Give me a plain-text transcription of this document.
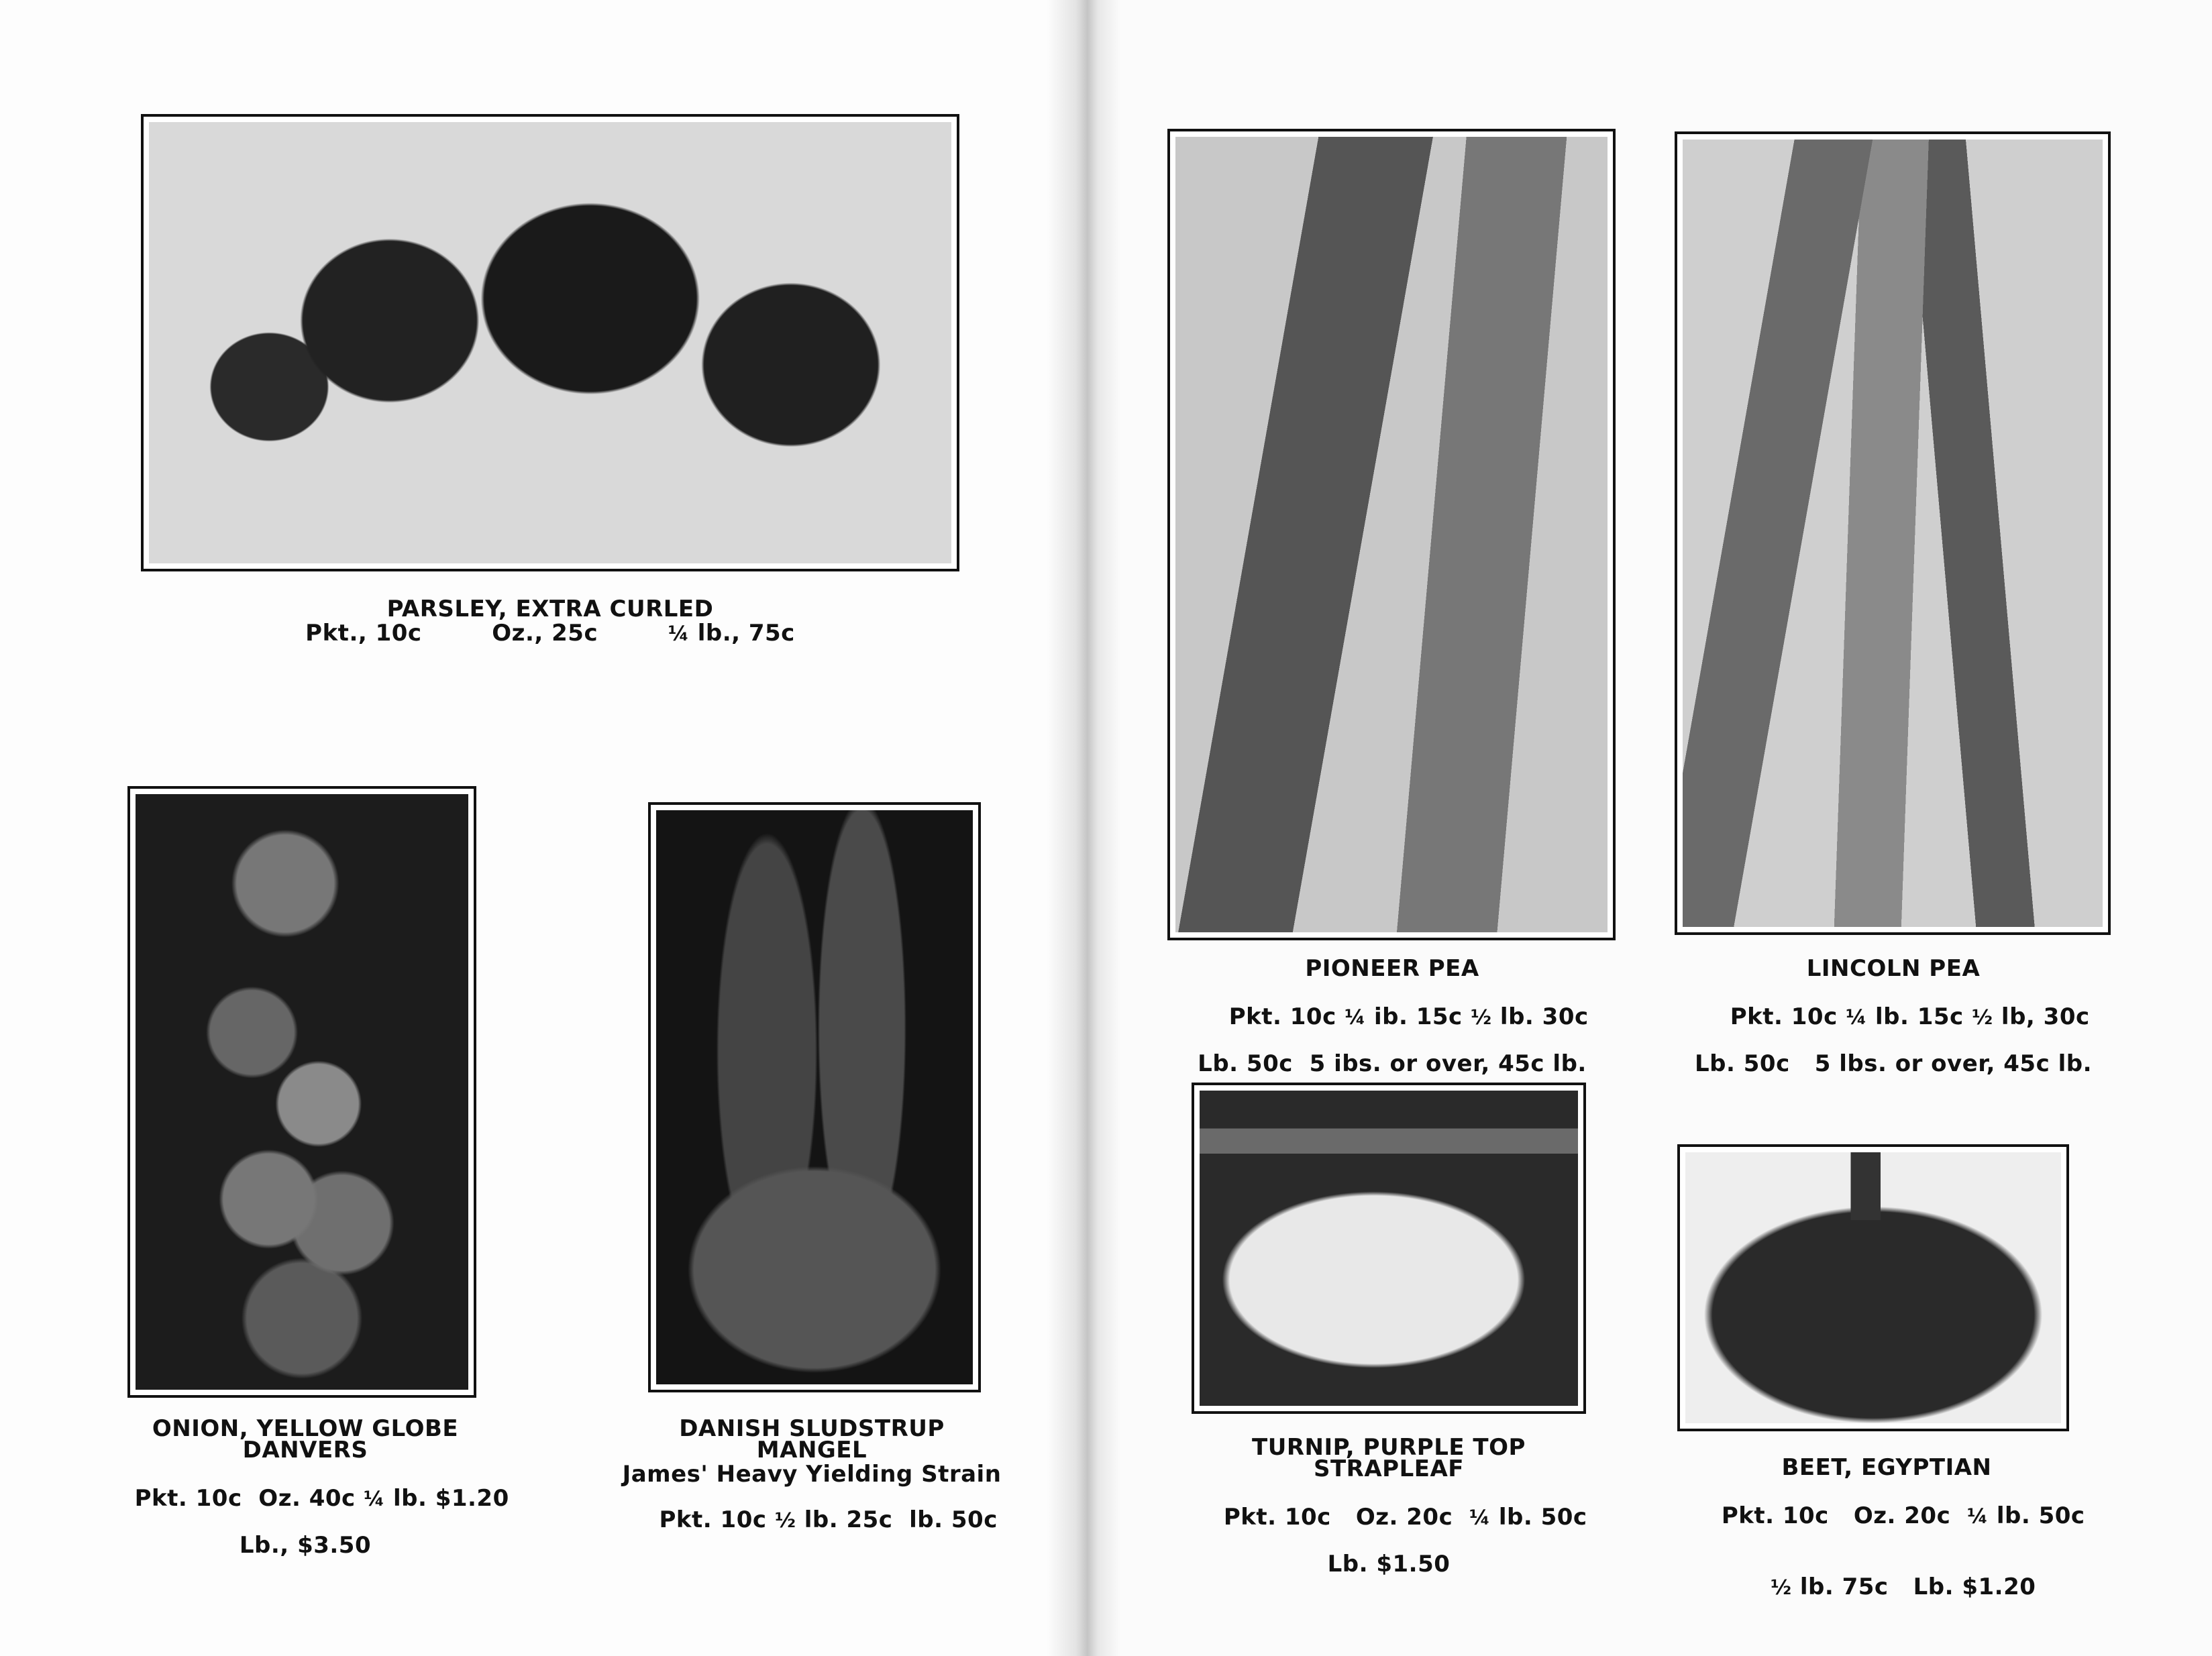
PARSLEY, EXTRA CURLED
Pkt., 10c	Oz., 25c	¼ lb., 75c
ONION, YELLOW GLOBE
DANVERS

Pkt. 10c  Oz. 40c ¼ lb. $1.20

Lb., $3.50
DANISH SLUDSTRUP
MANGEL
James' Heavy Yielding Strain

Pkt. 10c ½ lb. 25c  lb. 50c

PIONEER PEA

Pkt. 10c ¼ ib. 15c ½ lb. 30c

Lb. 50c  5 ibs. or over, 45c lb.
LINCOLN PEA

Pkt. 10c ¼ lb. 15c ½ lb, 30c

Lb. 50c   5 lbs. or over, 45c lb.
TURNIP, PURPLE TOP
STRAPLEAF

Pkt. 10c   Oz. 20c  ¼ lb. 50c

Lb. $1.50
BEET, EGYPTIAN

Pkt. 10c   Oz. 20c  ¼ lb. 50c

½ lb. 75c   Lb. $1.20
